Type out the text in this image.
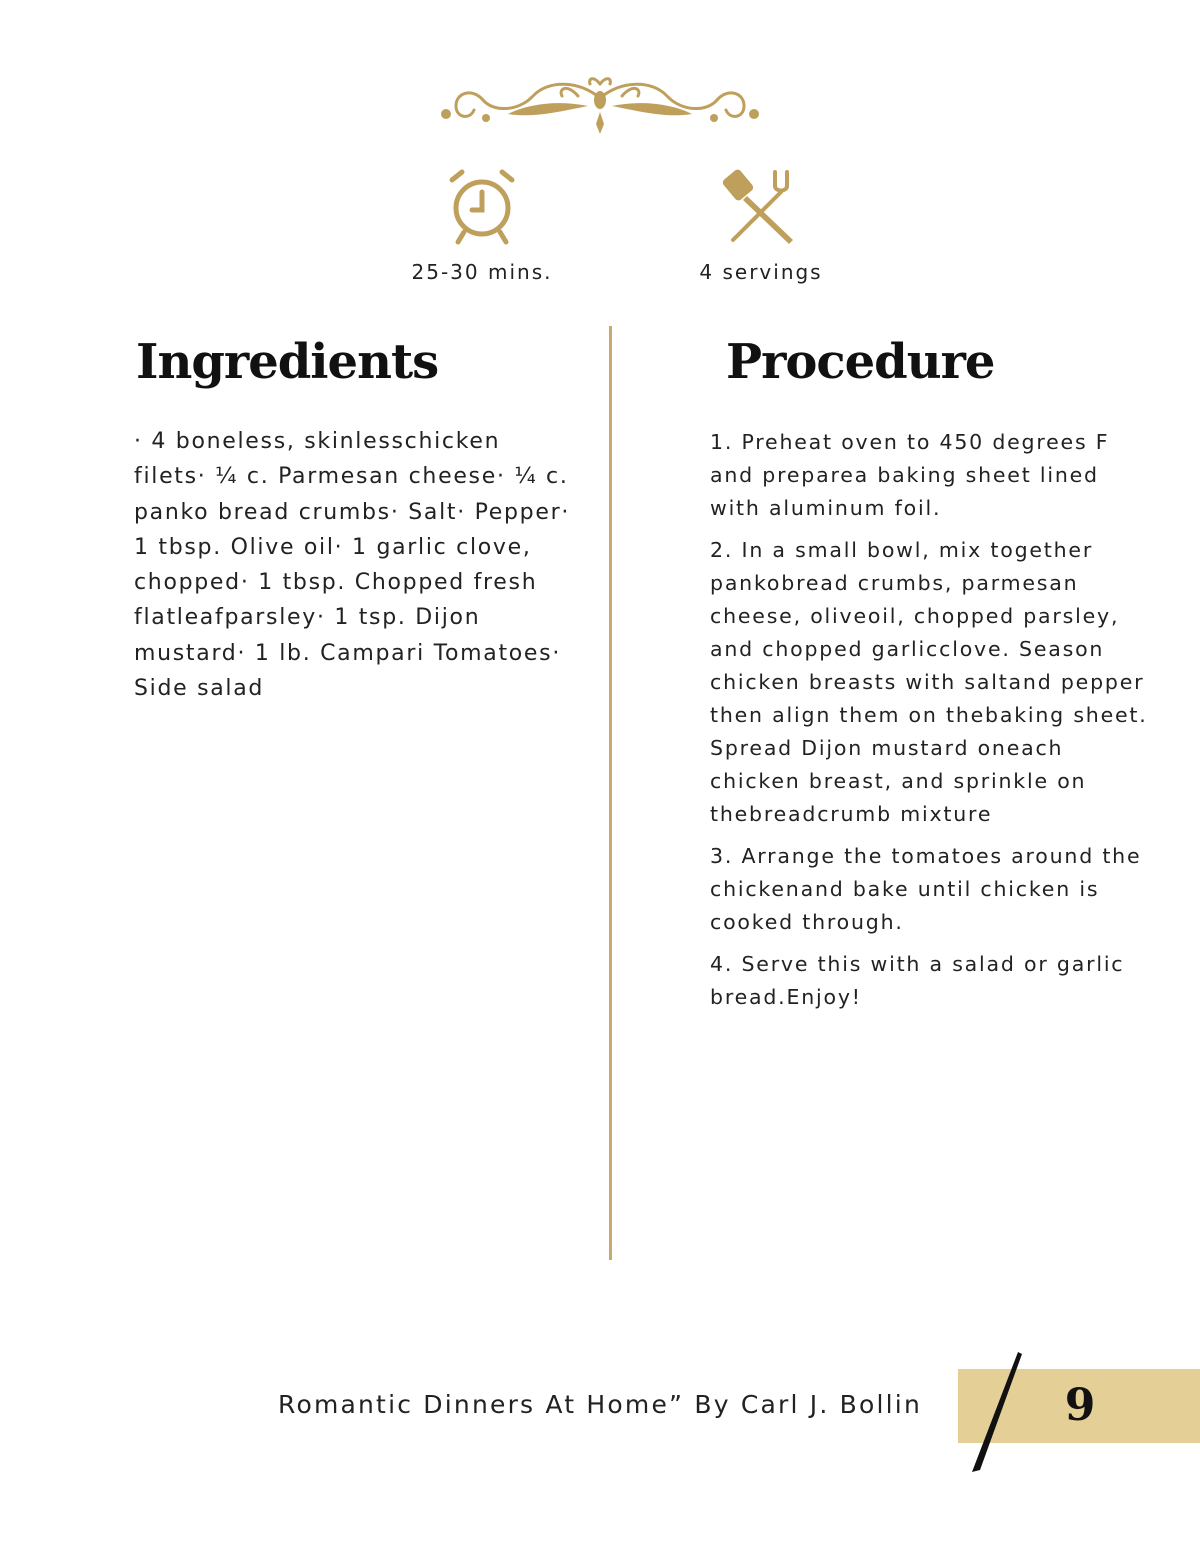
25-30 mins.	4 servings
Ingredients	Procedure

· 4 boneless, skinlesschicken filets· ¼ c. Parmesan cheese· ¼ c. panko bread crumbs· Salt· Pepper· 1 tbsp. Olive oil· 1 garlic clove, chopped· 1 tbsp. Chopped fresh flatleafparsley· 1 tsp. Dijon mustard· 1 lb. Campari Tomatoes· Side salad

1. Preheat oven to 450 degrees F and preparea baking sheet lined with aluminum foil.
2. In a small bowl, mix together pankobread crumbs, parmesan cheese, oliveoil, chopped parsley, and chopped garlicclove. Season chicken breasts with saltand pepper then align them on thebaking sheet. Spread Dijon mustard oneach chicken breast, and sprinkle on thebreadcrumb mixture
3. Arrange the tomatoes around the chickenand bake until chicken is cooked through.
4. Serve this with a salad or garlic bread.Enjoy!
Romantic Dinners At Home” By Carl J. Bollin	9
